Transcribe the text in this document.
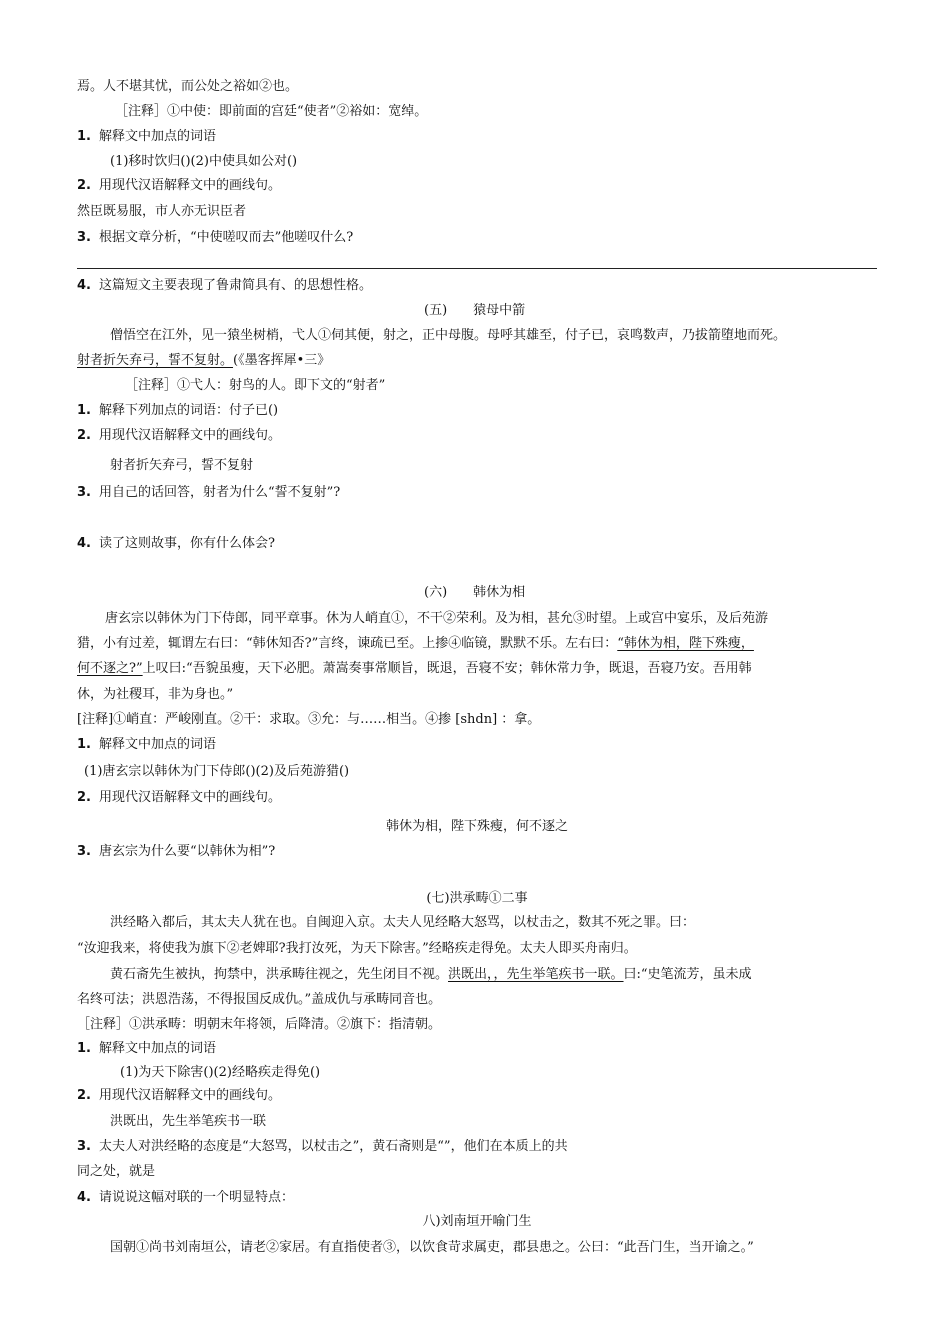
焉。人不堪其忧，而公处之裕如②也。
［注释］①中使：即前面的宫廷“使者”②裕如：宽绰。
1. 解释文中加点的词语
(1)移时饮归()(2)中使具如公对()
2. 用现代汉语解释文中的画线句。
然臣既易服，市人亦无识臣者
3. 根据文章分析，“中使嗟叹而去”他嗟叹什么?
4. 这篇短文主要表现了鲁肃简具有、的思想性格。
(五) 猿母中箭
僧悟空在江外，见一猿坐树梢，弋人①伺其便，射之，正中母腹。母呼其雄至，付子已，哀鸣数声，乃拔箭堕地而死。
射者折矢弃弓，誓不复射。(《墨客挥犀•三》
［注释］①弋人：射鸟的人。即下文的“射者”
1. 解释下列加点的词语：付子已()
2. 用现代汉语解释文中的画线句。
射者折矢弃弓，誓不复射
3. 用自己的话回答，射者为什么“誓不复射”?
4. 读了这则故事，你有什么体会?
(六) 韩休为相
唐玄宗以韩休为门下侍郎，同平章事。休为人峭直①，不干②荣利。及为相，甚允③时望。上或宫中宴乐，及后苑游
猎，小有过差，辄谓左右曰：“韩休知否?”言终，谏疏已至。上掺④临镜，默默不乐。左右曰：“韩休为相，陛下殊瘦，
何不逐之?”上叹曰:“吾貌虽瘦，天下必肥。萧嵩奏事常顺旨，既退，吾寝不安；韩休常力争，既退，吾寝乃安。吾用韩
休，为社稷耳，非为身也。”
[注释]①峭直：严峻刚直。②干：求取。③允：与……相当。④掺 [shdn] ：拿。
1. 解释文中加点的词语
(1)唐玄宗以韩休为门下侍郎()(2)及后苑游猎()
2. 用现代汉语解释文中的画线句。
韩休为相，陛下殊瘦，何不逐之
3. 唐玄宗为什么要“以韩休为相”?
(七)洪承畴①二事
洪经略入都后，其太夫人犹在也。自闽迎入京。太夫人见经略大怒骂，以杖击之，数其不死之罪。曰：
“汝迎我来，将使我为旗下②老婢耶?我打汝死，为天下除害。”经略疾走得免。太夫人即买舟南归。
黄石斋先生被执，拘禁中，洪承畴往视之，先生闭目不视。洪既出，，先生举笔疾书一联。曰:“史笔流芳，虽未成
名终可法；洪恩浩荡，不得报国反成仇。”盖成仇与承畴同音也。
［注释］①洪承畴：明朝末年将领，后降清。②旗下：指清朝。
1. 解释文中加点的词语
(1)为天下除害()(2)经略疾走得免()
2. 用现代汉语解释文中的画线句。
洪既出，先生举笔疾书一联
3. 太夫人对洪经略的态度是“大怒骂，以杖击之”，黄石斋则是“”，他们在本质上的共
同之处，就是
4. 请说说这幅对联的一个明显特点：
八)刘南垣开喻门生
国朝①尚书刘南垣公，请老②家居。有直指使者③，以饮食苛求属吏，郡县患之。公曰：“此吾门生，当开谕之。”
